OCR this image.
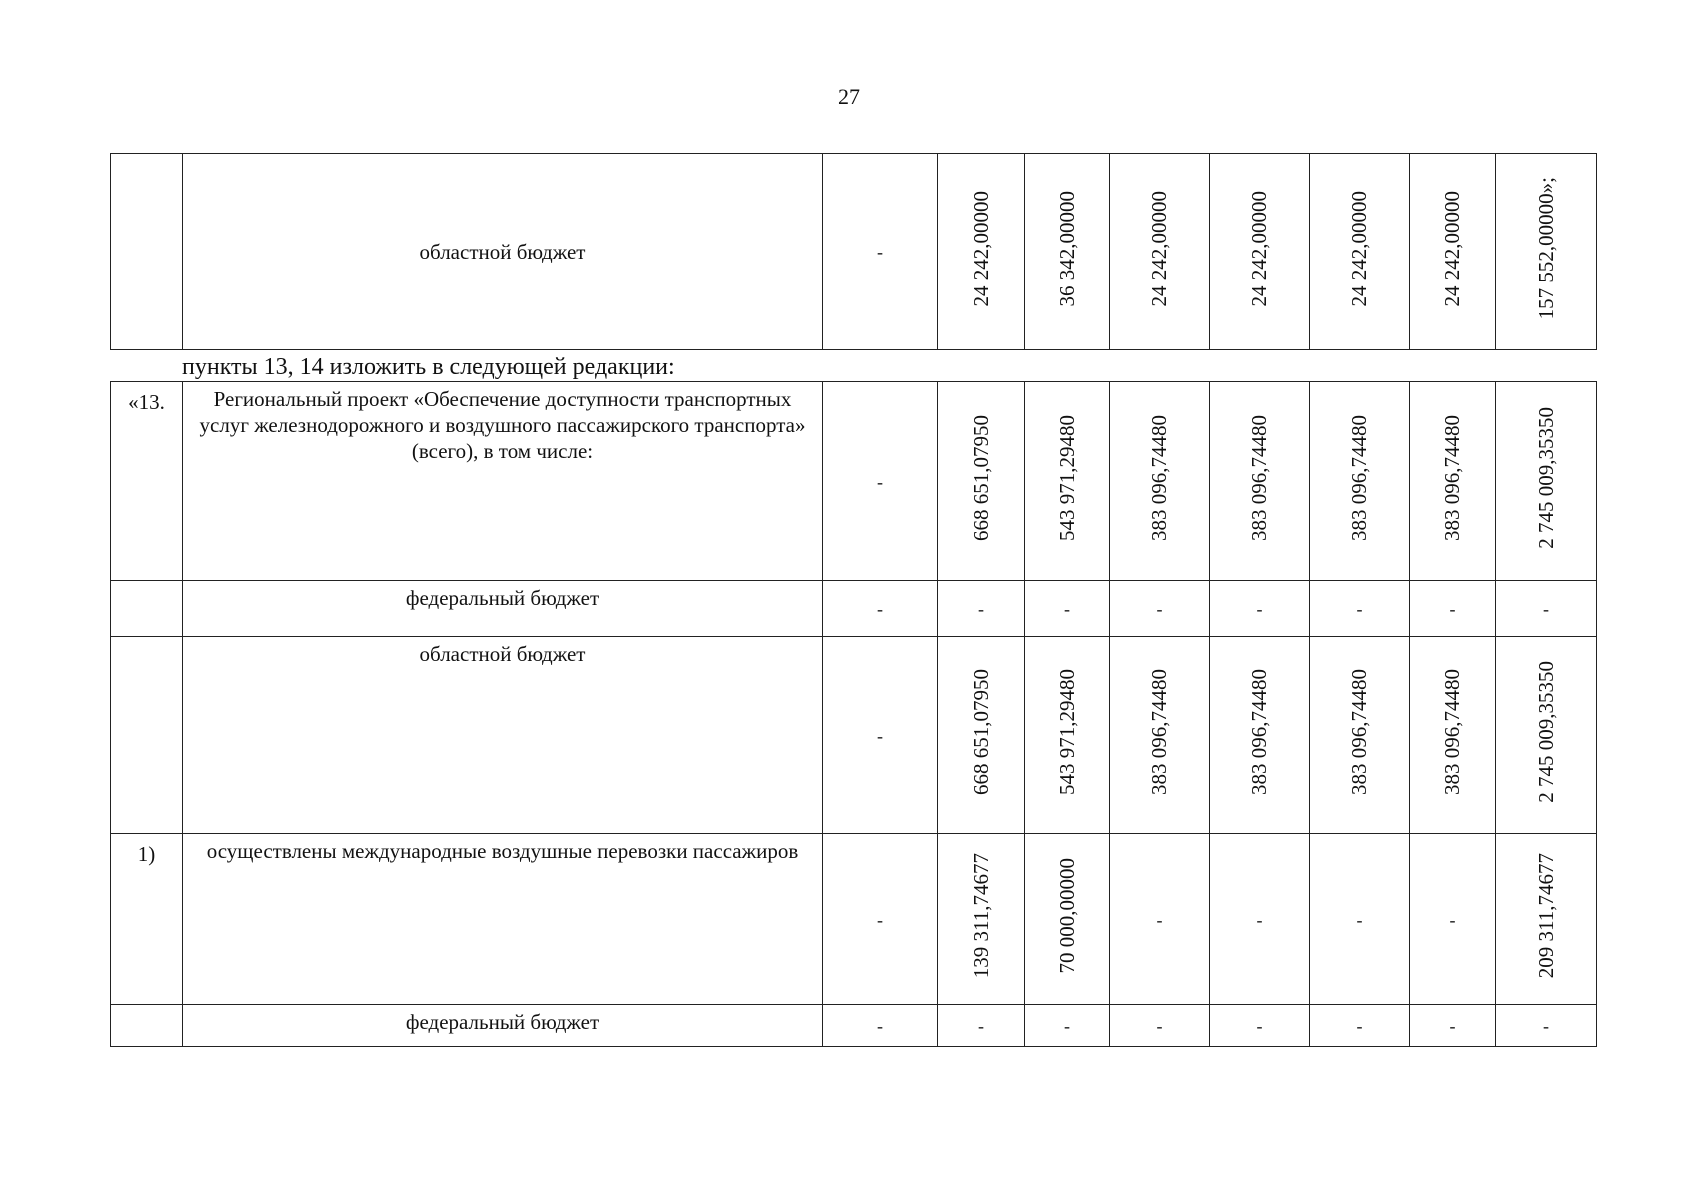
27
	областной бюджет	-	24 242,00000	36 342,00000	24 242,00000	24 242,00000	24 242,00000	24 242,00000	157 552,00000»;
пункты 13, 14 изложить в следующей редакции:
«13.	Региональный проект «Обеспечение доступности транспортных услуг железнодорожного и воздушного пассажирского транспорта» (всего), в том числе:	-	668 651,07950	543 971,29480	383 096,74480	383 096,74480	383 096,74480	383 096,74480	2 745 009,35350
	федеральный бюджет	-	-	-	-	-	-	-	-
	областной бюджет	-	668 651,07950	543 971,29480	383 096,74480	383 096,74480	383 096,74480	383 096,74480	2 745 009,35350
1)	осуществлены международные воздушные перевозки пассажиров	-	139 311,74677	70 000,00000	-	-	-	-	209 311,74677
	федеральный бюджет	-	-	-	-	-	-	-	-
